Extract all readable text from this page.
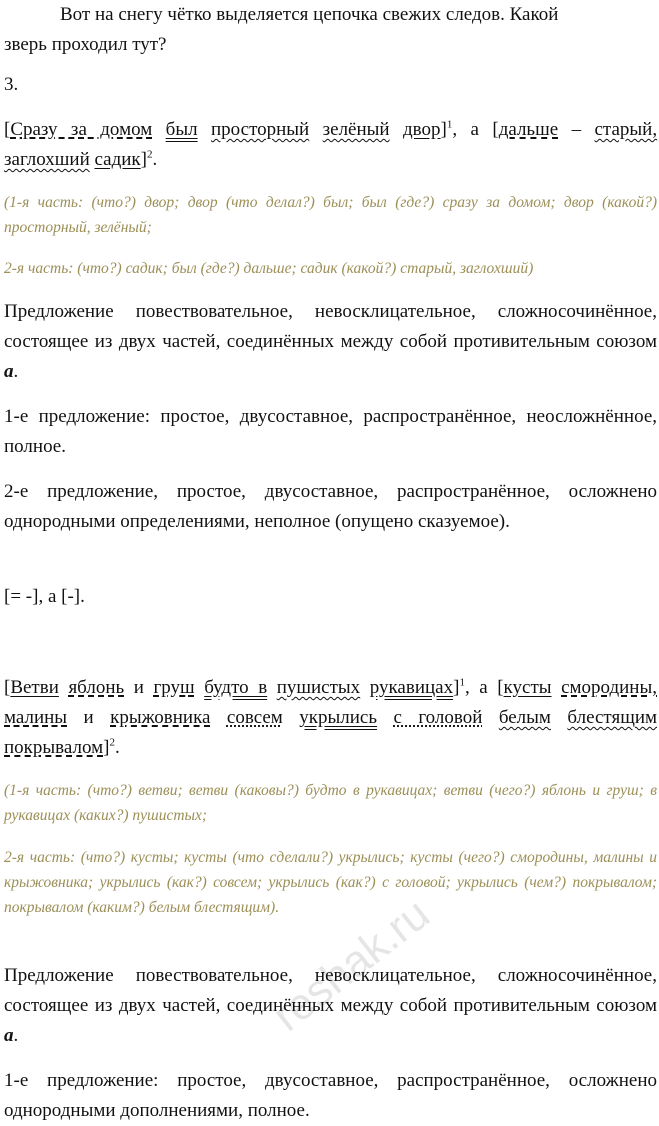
Вот на снегу чётко выделяется цепочка свежих следов. Какой
зверь проходил тут?

3.

[Сразу за домом был просторный зелёный двор]$^1$, а [дальше – старый, заглохший садик]$^2$.

(1-я часть: (что?) двор; двор (что делал?) был; был (где?) сразу за домом; двор (какой?) просторный, зелёный;

2-я часть: (что?) садик; был (где?) дальше; садик (какой?) старый, заглохший)

Предложение повествовательное, невосклицательное, сложносочинённое, состоящее из двух частей, соединённых между собой противительным союзом а.

1-е предложение: простое, двусоставное, распространённое, неосложнённое, полное.

2-е предложение, простое, двусоставное, распространённое, осложнено однородными определениями, неполное (опущено сказуемое).

[= -], а [-].

[Ветви яблонь и груш будто в пушистых рукавицах]$^1$, а [кусты смородины, малины и крыжовника совсем укрылись с головой белым блестящим покрывалом]$^2$.

(1-я часть: (что?) ветви; ветви (каковы?) будто в рукавицах; ветви (чего?) яблонь и груш; в рукавицах (каких?) пушистых;

2-я часть: (что?) кусты; кусты (что сделали?) укрылись; кусты (чего?) смородины, малины и крыжовника; укрылись (как?) совсем; укрылись (как?) с головой; укрылись (чем?) покрывалом; покрывалом (каким?) белым блестящим).

Предложение повествовательное, невосклицательное, сложносочинённое, состоящее из двух частей, соединённых между собой противительным союзом а.

1-е предложение: простое, двусоставное, распространённое, осложнено однородными дополнениями, полное.

reshak.ru
